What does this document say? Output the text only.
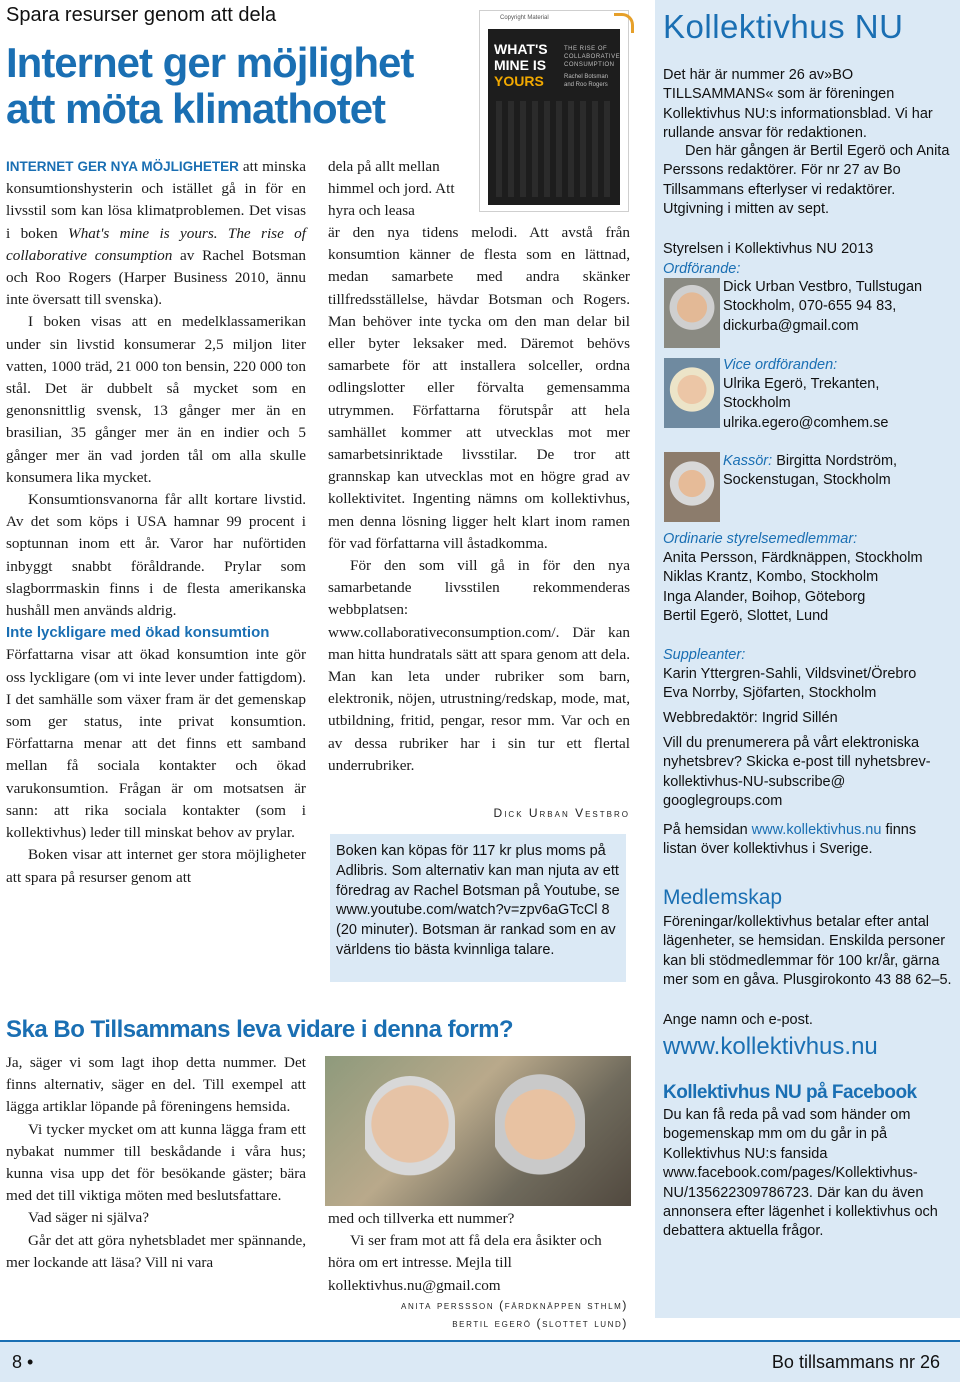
Spara resurser genom att dela
Internet ger möjlighet
att möta klimathotet
Copyright Material
WHAT'S
MINE IS
YOURS
THE RISE OF COLLABORATIVE CONSUMPTION
Rachel Botsman and Roo Rogers

INTERNET GER NYA MÖJLIGHETER att minska konsumtionshysterin och istället gå in för en livsstil som kan lösa klimatproblemen. Det visas i boken What's mine is yours. The rise of collaborative consumption av Rachel Botsman och Roo Rogers (Harper Business 2010, ännu inte översatt till svenska).

I boken visas att en medelklassamerikan under sin livstid konsumerar 2,5 miljon liter vatten, 1000 träd, 21 000 ton bensin, 220 000 ton stål. Det är dubbelt så mycket som en genonsnittlig svensk, 13 gånger mer än en brasilian, 35 gånger mer än en indier och 5 gånger mer än vad jorden tål om alla skulle konsumera lika mycket.

Konsumtionsvanorna får allt kortare livstid. Av det som köps i USA hamnar 99 procent i soptunnan inom ett år. Varor har nuförtiden inbyggt snabbt föråldrande. Prylar som slagborrmaskin finns i de flesta amerikanska hushåll men används aldrig.

Inte lyckligare med ökad konsumtion

Författarna visar att ökad konsumtion inte gör oss lyckligare (om vi inte lever under fattigdom). I det samhälle som växer fram är det gemenskap som ger status, inte privat konsumtion. Författarna menar att det finns ett samband mellan få sociala kontakter och ökad varukonsumtion. Frågan är om motsatsen är sann: att rika sociala kontakter (som i kollektivhus) leder till minskat behov av prylar.

Boken visar att internet ger stora möjligheter att spara på resurser genom att

dela på allt mellan himmel och jord. Att hyra och leasa

är den nya tidens melodi. Att avstå från konsumtion känner de flesta som en lättnad, medan samarbete med andra skänker tillfredsställelse, hävdar Botsman och Rogers. Man behöver inte tycka om den man delar bil eller byter leksaker med. Däremot behövs samarbete för att installera solceller, ordna odlingslotter eller förvalta gemensamma utrymmen. Författarna förutspår att hela samhället kommer att utvecklas mot mer samarbetsinriktade livsstilar. De tror att grannskap kan utvecklas mot en högre grad av kollektivitet. Ingenting nämns om kollektivhus, men denna lösning ligger helt klart inom ramen för vad författarna vill åstadkomma.

För den som vill gå in för den nya samarbetande livsstilen rekommenderas webbplatsen: www.collaborativeconsumption.com/. Där kan man hitta hundratals sätt att spara genom att dela. Man kan leta under rubriker som barn, elektronik, nöjen, utrustning/redskap, mode, mat, utbildning, fritid, pengar, resor mm. Var och en av dessa rubriker har i sin tur ett flertal underrubriker.

Dick Urban Vestbro

Boken kan köpas för 117 kr plus moms på Adlibris. Som alternativ kan man njuta av ett föredrag av Rachel Botsman på Youtube, se www.youtube.com/watch?v=zpv6aGTcCl 8 (20 minuter). Botsman är rankad som en av världens tio bästa kvinnliga talare.

Ska Bo Tillsammans leva vidare i denna form?

Ja, säger vi som lagt ihop detta nummer. Det finns alternativ, säger en del. Till exempel att lägga artiklar löpande på föreningens hemsida.

Vi tycker mycket om att kunna lägga fram ett nybakat nummer till beskådande i våra hus; kunna visa upp det för besökande gäster; bära med det till viktiga möten med beslutsfattare.

Vad säger ni själva?

Går det att göra nyhetsbladet mer spännande, mer lockande att läsa? Vill ni vara

med och tillverka ett nummer?

Vi ser fram mot att få dela era åsikter och höra om ert intresse. Mejla till kollektivhus.nu@gmail.com

anita perssson (färdknäppen sthlm)
bertil egerö (slottet lund)
Kollektivhus NU
Det här är nummer 26 av»BO TILLSAMMANS« som är föreningen Kollektivhus NU:s informationsblad. Vi har rullande ansvar för redaktionen.
Den här gången är Bertil Egerö och Anita Perssons redaktörer. För nr 27 av Bo Tillsammans efterlyser vi redaktörer. Utgivning i mitten av sept.
Styrelsen i Kollektivhus NU 2013
Ordförande:
Dick Urban Vestbro, Tullstugan Stockholm, 070-655 94 83, dickurba@gmail.com
Vice ordföranden:
Ulrika Egerö, Trekanten, Stockholm ulrika.egero@comhem.se
Kassör: Birgitta Nordström, Sockenstugan, Stockholm
Ordinarie styrelsemedlemmar:
Anita Persson, Färdknäppen, Stockholm
Niklas Krantz, Kombo, Stockholm
Inga Alander, Boihop, Göteborg
Bertil Egerö, Slottet, Lund
Suppleanter:
Karin Yttergren-Sahli, Vildsvinet/Örebro
Eva Norrby, Sjöfarten, Stockholm
Webbredaktör: Ingrid Sillén
Vill du prenumerera på vårt elektroniska nyhetsbrev? Skicka e-post till nyhetsbrev-kollektivhus-NU-subscribe@ googlegroups.com
På hemsidan www.kollektivhus.nu finns listan över kollektivhus i Sverige.
Medlemskap
Föreningar/kollektivhus betalar efter antal lägenheter, se hemsidan. Enskilda personer kan bli stödmedlemmar för 100 kr/år, gärna mer som en gåva. Plusgirokonto 43 88 62–5.
Ange namn och e-post.
www.kollektivhus.nu
Kollektivhus NU på Facebook
Du kan få reda på vad som händer om bogemenskap mm om du går in på Kollektivhus NU:s fansida www.facebook.com/pages/Kollektivhus-NU/135622309786723. Där kan du även annonsera efter lägenhet i kollektivhus och debattera aktuella frågor.
8 •	Bo tillsammans nr 26
